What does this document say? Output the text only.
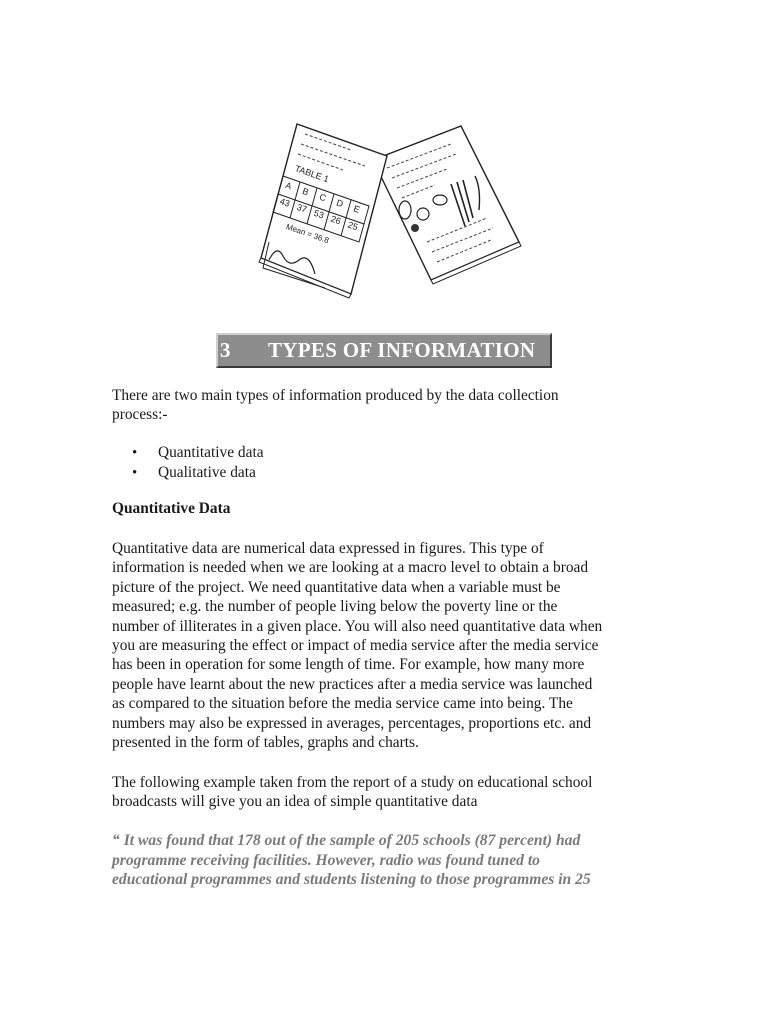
TABLE 1
A
B
C
D E
43 37 53 26 25
Mean = 36.8
3	TYPES OF INFORMATION
There are two main types of information produced by the data collection
process:-
• Quantitative data
• Qualitative data
Quantitative Data
Quantitative data are numerical data expressed in figures. This type of
information is needed when we are looking at a macro level to obtain a broad
picture of the project. We need quantitative data when a variable must be
measured; e.g. the number of people living below the poverty line or the
number of illiterates in a given place. You will also need quantitative data when
you are measuring the effect or impact of media service after the media service
has been in operation for some length of time. For example, how many more
people have learnt about the new practices after a media service was launched
as compared to the situation before the media service came into being. The
numbers may also be expressed in averages, percentages, proportions etc. and
presented in the form of tables, graphs and charts.
The following example taken from the report of a study on educational school
broadcasts will give you an idea of simple quantitative data
“ It was found that 178 out of the sample of 205 schools (87 percent) had
programme receiving facilities. However, radio was found tuned to
educational programmes and students listening to those programmes in 25
